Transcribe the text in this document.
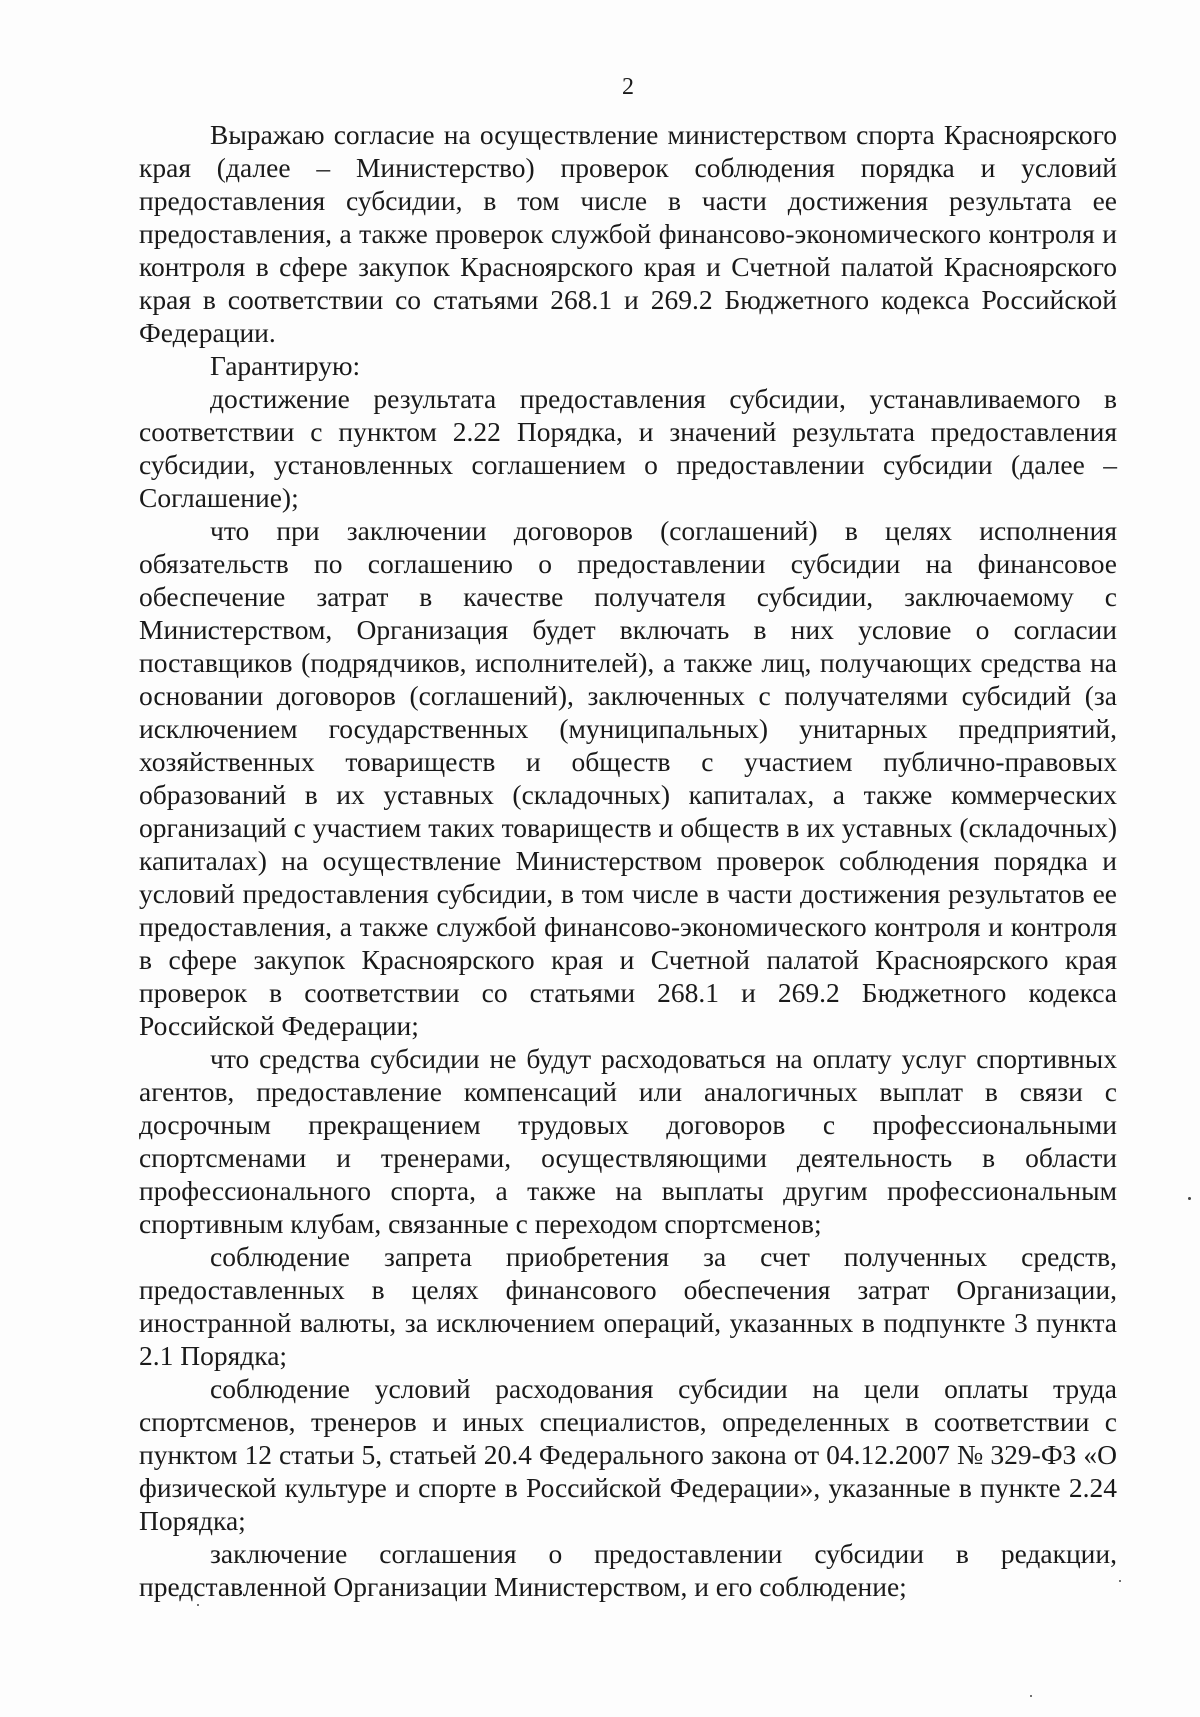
2

Выражаю согласие на осуществление министерством спорта Красноярского края (далее – Министерство) проверок соблюдения порядка и условий предоставления субсидии, в том числе в части достижения результата ее предоставления, а также проверок службой финансово-экономического контроля и контроля в сфере закупок Красноярского края и Счетной палатой Красноярского края в соответствии со статьями 268.1 и 269.2 Бюджетного кодекса Российской Федерации.

Гарантирую:

достижение результата предоставления субсидии, устанавливаемого в соответствии с пунктом 2.22 Порядка, и значений результата предоставления субсидии, установленных соглашением о предоставлении субсидии (далее – Соглашение);

что при заключении договоров (соглашений) в целях исполнения обязательств по соглашению о предоставлении субсидии на финансовое обеспечение затрат в качестве получателя субсидии, заключаемому с Министерством, Организация будет включать в них условие о согласии поставщиков (подрядчиков, исполнителей), а также лиц, получающих средства на основании договоров (соглашений), заключенных с получателями субсидий (за исключением государственных (муниципальных) унитарных предприятий, хозяйственных товариществ и обществ с участием публично-правовых образований в их уставных (складочных) капиталах, а также коммерческих организаций с участием таких товариществ и обществ в их уставных (складочных) капиталах) на осуществление Министерством проверок соблюдения порядка и условий предоставления субсидии, в том числе в части достижения результатов ее предоставления, а также службой финансово-экономического контроля и контроля в сфере закупок Красноярского края и Счетной палатой Красноярского края проверок в соответствии со статьями 268.1 и 269.2 Бюджетного кодекса Российской Федерации;

что средства субсидии не будут расходоваться на оплату услуг спортивных агентов, предоставление компенсаций или аналогичных выплат в связи с досрочным прекращением трудовых договоров с профессиональными спортсменами и тренерами, осуществляющими деятельность в области профессионального спорта, а также на выплаты другим профессиональным спортивным клубам, связанные с переходом спортсменов;

соблюдение запрета приобретения за счет полученных средств, предоставленных в целях финансового обеспечения затрат Организации, иностранной валюты, за исключением операций, указанных в подпункте 3 пункта 2.1 Порядка;

соблюдение условий расходования субсидии на цели оплаты труда спортсменов, тренеров и иных специалистов, определенных в соответствии с пунктом 12 статьи 5, статьей 20.4 Федерального закона от 04.12.2007 № 329-ФЗ «О физической культуре и спорте в Российской Федерации», указанные в пункте 2.24 Порядка;

заключение соглашения о предоставлении субсидии в редакции, представленной Организации Министерством, и его соблюдение;
